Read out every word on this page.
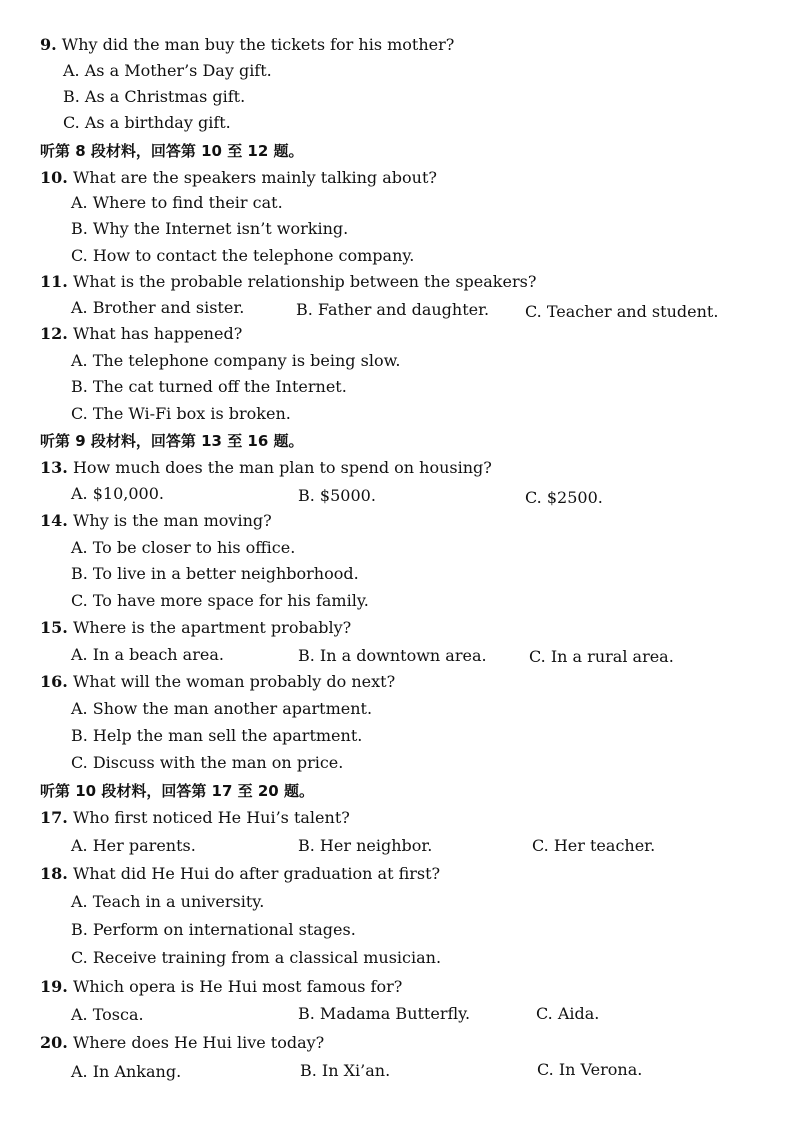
9. Why did the man buy the tickets for his mother?
A. As a Mother’s Day gift.
B. As a Christmas gift.
C. As a birthday gift.
听第 8 段材料，回答第 10 至 12 题。
10. What are the speakers mainly talking about?
A. Where to find their cat.
B. Why the Internet isn’t working.
C. How to contact the telephone company.
11. What is the probable relationship between the speakers?
A. Brother and sister.	B. Father and daughter. C. Teacher and student.
12. What has happened?
A. The telephone company is being slow.
B. The cat turned off the Internet.
C. The Wi-Fi box is broken.
听第 9 段材料，回答第 13 至 16 题。
13. How much does the man plan to spend on housing?
A. $10,000.	B. $5000.	C. $2500.
14. Why is the man moving?
A. To be closer to his office.
B. To live in a better neighborhood.
C. To have more space for his family.
15. Where is the apartment probably?
A. In a beach area.	B. In a downtown area.	C. In a rural area.
16. What will the woman probably do next?
A. Show the man another apartment.
B. Help the man sell the apartment.
C. Discuss with the man on price.
听第 10 段材料，回答第 17 至 20 题。
17. Who first noticed He Hui’s talent?
A. Her parents.	B. Her neighbor.	C. Her teacher.
18. What did He Hui do after graduation at first?
A. Teach in a university.
B. Perform on international stages.
C. Receive training from a classical musician.
19. Which opera is He Hui most famous for?
A. Tosca.	B. Madama Butterfly.	C. Aida.
20. Where does He Hui live today?
A. In Ankang.	B. In Xi’an.	C. In Verona.
